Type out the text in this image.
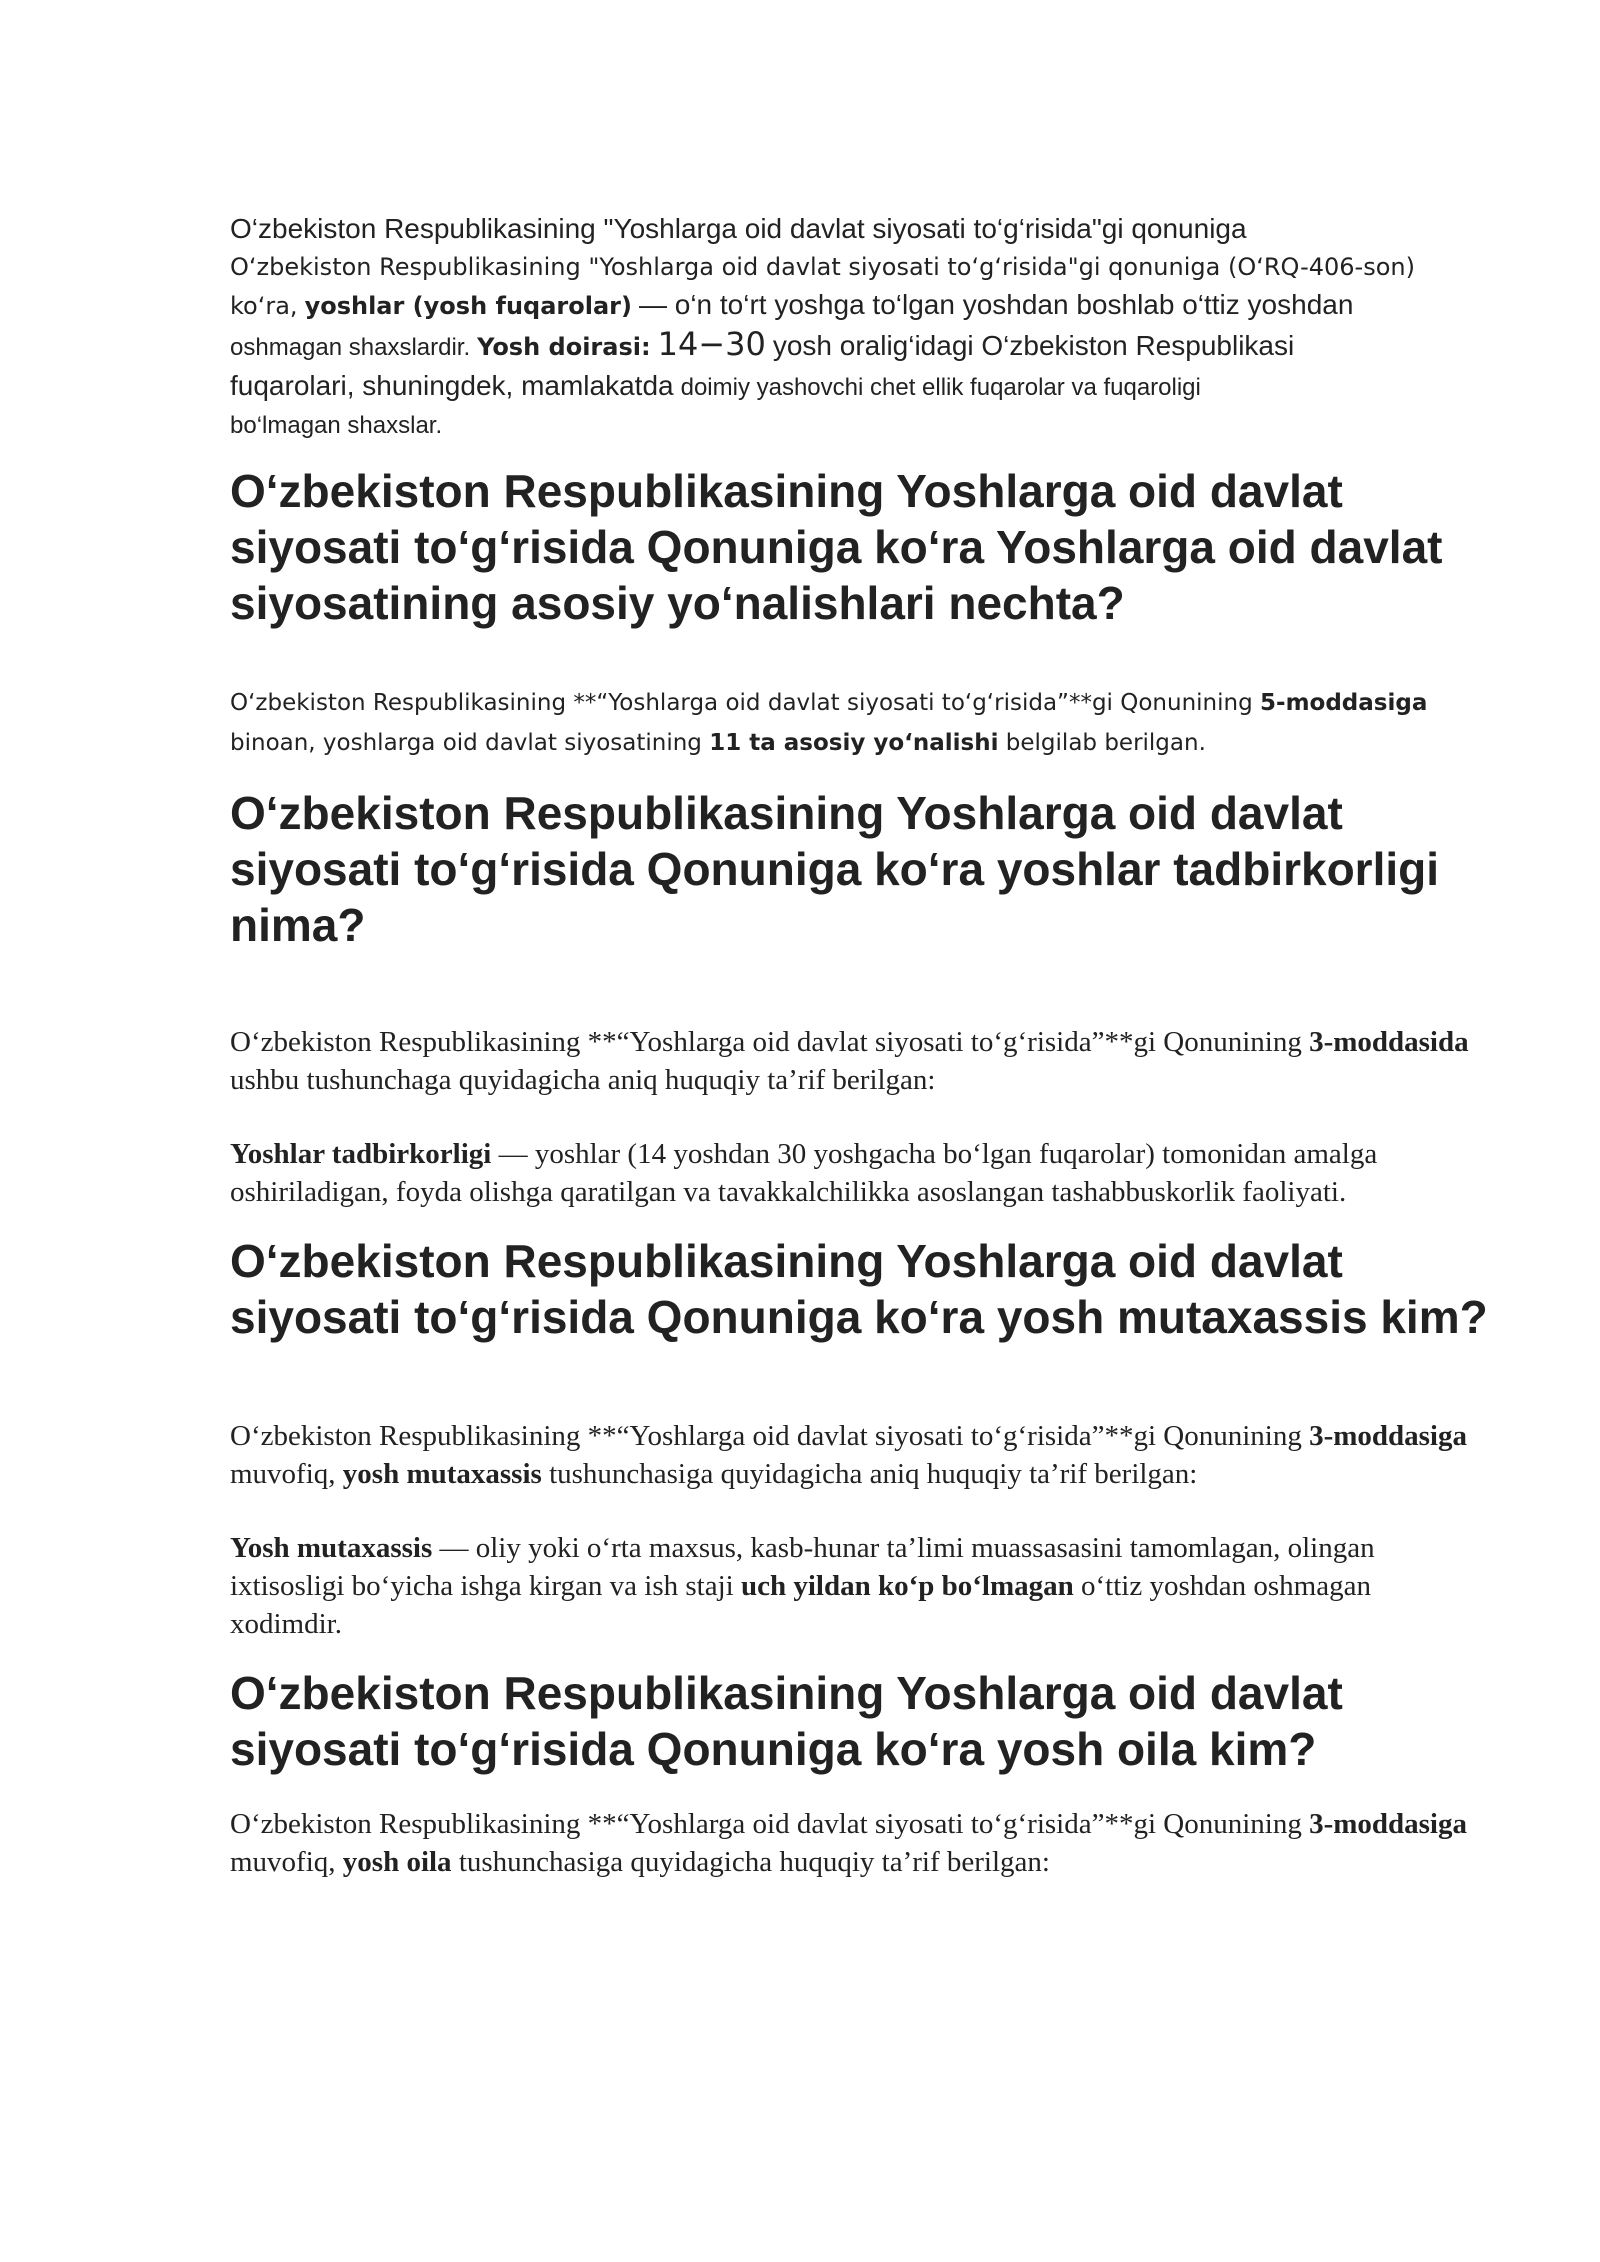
O‘zbekiston Respublikasining "Yoshlarga oid davlat siyosati to‘g‘risida"gi qonuniga

O‘zbekiston Respublikasining "Yoshlarga oid davlat siyosati to‘g‘risida"gi qonuniga (O‘RQ-406-son)

ko‘ra, yoshlar (yosh fuqarolar) — o‘n to‘rt yoshga to‘lgan yoshdan boshlab o‘ttiz yoshdan

oshmagan shaxslardir. Yosh doirasi: 14−30 yosh oralig‘idagi O‘zbekiston Respublikasi

fuqarolari, shuningdek, mamlakatda doimiy yashovchi chet ellik fuqarolar va fuqaroligi

bo‘lmagan shaxslar.

O‘zbekiston Respublikasining Yoshlarga oid davlat siyosati to‘g‘risida Qonuniga ko‘ra Yoshlarga oid davlat siyosatining asosiy yo‘nalishlari nechta?

O‘zbekiston Respublikasining **“Yoshlarga oid davlat siyosati to‘g‘risida”**gi Qonunining 5-moddasiga binoan, yoshlarga oid davlat siyosatining 11 ta asosiy yo‘nalishi belgilab berilgan.

O‘zbekiston Respublikasining Yoshlarga oid davlat siyosati to‘g‘risida Qonuniga ko‘ra yoshlar tadbirkorligi nima?

O‘zbekiston Respublikasining **“Yoshlarga oid davlat siyosati to‘g‘risida”**gi Qonunining 3-moddasida ushbu tushunchaga quyidagicha aniq huquqiy ta’rif berilgan:

Yoshlar tadbirkorligi — yoshlar (14 yoshdan 30 yoshgacha bo‘lgan fuqarolar) tomonidan amalga oshiriladigan, foyda olishga qaratilgan va tavakkalchilikka asoslangan tashabbuskorlik faoliyati.

O‘zbekiston Respublikasining Yoshlarga oid davlat siyosati to‘g‘risida Qonuniga ko‘ra yosh mutaxassis kim?

O‘zbekiston Respublikasining **“Yoshlarga oid davlat siyosati to‘g‘risida”**gi Qonunining 3-moddasiga muvofiq, yosh mutaxassis tushunchasiga quyidagicha aniq huquqiy ta’rif berilgan:

Yosh mutaxassis — oliy yoki o‘rta maxsus, kasb-hunar ta’limi muassasasini tamomlagan, olingan ixtisosligi bo‘yicha ishga kirgan va ish staji uch yildan ko‘p bo‘lmagan o‘ttiz yoshdan oshmagan xodimdir.

O‘zbekiston Respublikasining Yoshlarga oid davlat siyosati to‘g‘risida Qonuniga ko‘ra yosh oila kim?

O‘zbekiston Respublikasining **“Yoshlarga oid davlat siyosati to‘g‘risida”**gi Qonunining 3-moddasiga muvofiq, yosh oila tushunchasiga quyidagicha huquqiy ta’rif berilgan:
